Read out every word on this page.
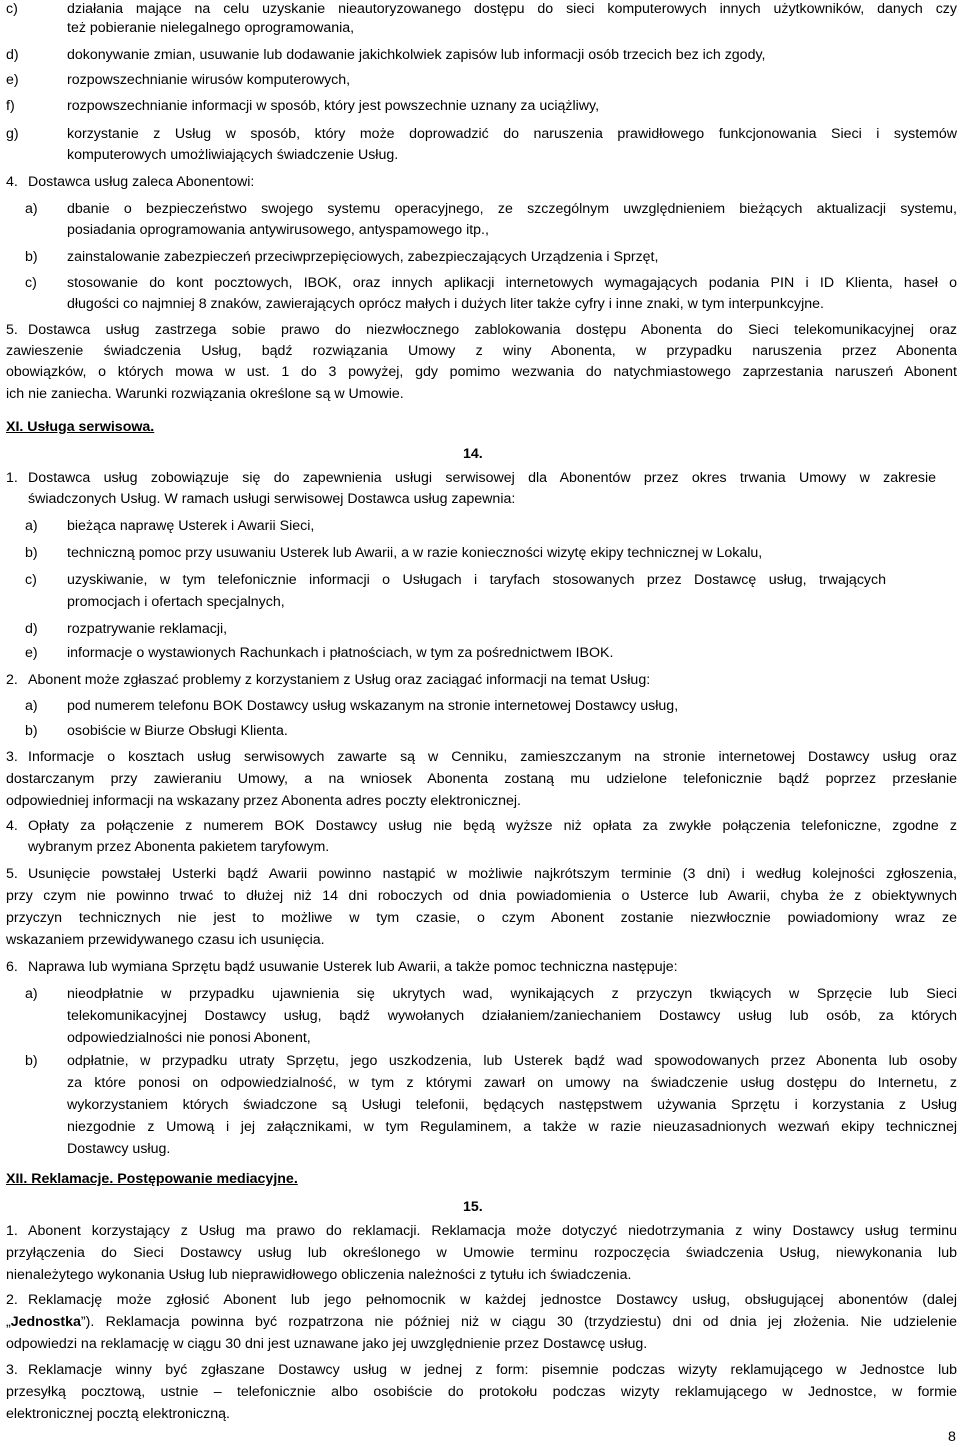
c)	działania mające na celu uzyskanie nieautoryzowanego dostępu do sieci komputerowych innych użytkowników, danych czy
też pobieranie nielegalnego oprogramowania,
d)	dokonywanie zmian, usuwanie lub dodawanie jakichkolwiek zapisów lub informacji osób trzecich bez ich zgody,
e)	rozpowszechnianie wirusów komputerowych,
f)	rozpowszechnianie informacji w sposób, który jest powszechnie uznany za uciążliwy,
g)	korzystanie z Usług w sposób, który może doprowadzić do naruszenia prawidłowego funkcjonowania Sieci i systemów
komputerowych umożliwiających świadczenie Usług.
4. Dostawca usług zaleca Abonentowi:
a) dbanie o bezpieczeństwo swojego systemu operacyjnego, ze szczególnym uwzględnieniem bieżących aktualizacji systemu,
posiadania oprogramowania antywirusowego, antyspamowego itp.,
b) zainstalowanie zabezpieczeń przeciwprzepięciowych, zabezpieczających Urządzenia i Sprzęt,
c) stosowanie do kont pocztowych, IBOK, oraz innych aplikacji internetowych wymagających podania PIN i ID Klienta, haseł o
długości co najmniej 8 znaków, zawierających oprócz małych i dużych liter także cyfry i inne znaki, w tym interpunkcyjne.
5. Dostawca usług zastrzega sobie prawo do niezwłocznego zablokowania dostępu Abonenta do Sieci telekomunikacyjnej oraz
zawieszenie świadczenia Usług, bądź rozwiązania Umowy z winy Abonenta, w przypadku naruszenia przez Abonenta
obowiązków, o których mowa w ust. 1 do 3 powyżej, gdy pomimo wezwania do natychmiastowego zaprzestania naruszeń Abonent
ich nie zaniecha. Warunki rozwiązania określone są w Umowie.
XI. Usługa serwisowa.
14.
1. Dostawca usług zobowiązuje się do zapewnienia usługi serwisowej dla Abonentów przez okres trwania Umowy w zakresie
świadczonych Usług. W ramach usługi serwisowej Dostawca usług zapewnia:
a) bieżąca naprawę Usterek i Awarii Sieci,
b) techniczną pomoc przy usuwaniu Usterek lub Awarii, a w razie konieczności wizytę ekipy technicznej w Lokalu,
c) uzyskiwanie, w tym telefonicznie informacji o Usługach i taryfach stosowanych przez Dostawcę usług, trwających
promocjach i ofertach specjalnych,
d) rozpatrywanie reklamacji,
e) informacje o wystawionych Rachunkach i płatnościach, w tym za pośrednictwem IBOK.
2. Abonent może zgłaszać problemy z korzystaniem z Usług oraz zaciągać informacji na temat Usług:
a) pod numerem telefonu BOK Dostawcy usług wskazanym na stronie internetowej Dostawcy usług,
b) osobiście w Biurze Obsługi Klienta.
3. Informacje o kosztach usług serwisowych zawarte są w Cenniku, zamieszczanym na stronie internetowej Dostawcy usług oraz
dostarczanym przy zawieraniu Umowy, a na wniosek Abonenta zostaną mu udzielone telefonicznie bądź poprzez przesłanie
odpowiedniej informacji na wskazany przez Abonenta adres poczty elektronicznej.
4. Opłaty za połączenie z numerem BOK Dostawcy usług nie będą wyższe niż opłata za zwykłe połączenia telefoniczne, zgodne z
wybranym przez Abonenta pakietem taryfowym.
5. Usunięcie powstałej Usterki bądź Awarii powinno nastąpić w możliwie najkrótszym terminie (3 dni) i według kolejności zgłoszenia,
przy czym nie powinno trwać to dłużej niż 14 dni roboczych od dnia powiadomienia o Usterce lub Awarii, chyba że z obiektywnych
przyczyn technicznych nie jest to możliwe w tym czasie, o czym Abonent zostanie niezwłocznie powiadomiony wraz ze
wskazaniem przewidywanego czasu ich usunięcia.
6. Naprawa lub wymiana Sprzętu bądź usuwanie Usterek lub Awarii, a także pomoc techniczna następuje:
a) nieodpłatnie w przypadku ujawnienia się ukrytych wad, wynikających z przyczyn tkwiących w Sprzęcie lub Sieci
telekomunikacyjnej Dostawcy usług, bądź wywołanych działaniem/zaniechaniem Dostawcy usług lub osób, za których
odpowiedzialności nie ponosi Abonent,
b) odpłatnie, w przypadku utraty Sprzętu, jego uszkodzenia, lub Usterek bądź wad spowodowanych przez Abonenta lub osoby
za które ponosi on odpowiedzialność, w tym z którymi zawarł on umowy na świadczenie usług dostępu do Internetu, z
wykorzystaniem których świadczone są Usługi telefonii, będących następstwem używania Sprzętu i korzystania z Usług
niezgodnie z Umową i jej załącznikami, w tym Regulaminem, a także w razie nieuzasadnionych wezwań ekipy technicznej
Dostawcy usług.
XII. Reklamacje. Postępowanie mediacyjne.
15.
1. Abonent korzystający z Usług ma prawo do reklamacji. Reklamacja może dotyczyć niedotrzymania z winy Dostawcy usług terminu
przyłączenia do Sieci Dostawcy usług lub określonego w Umowie terminu rozpoczęcia świadczenia Usług, niewykonania lub
nienależytego wykonania Usług lub nieprawidłowego obliczenia należności z tytułu ich świadczenia.
2. Reklamację może zgłosić Abonent lub jego pełnomocnik w każdej jednostce Dostawcy usług, obsługującej abonentów (dalej
„Jednostka”). Reklamacja powinna być rozpatrzona nie później niż w ciągu 30 (trzydziestu) dni od dnia jej złożenia. Nie udzielenie
odpowiedzi na reklamację w ciągu 30 dni jest uznawane jako jej uwzględnienie przez Dostawcę usług.
3. Reklamacje winny być zgłaszane Dostawcy usług w jednej z form: pisemnie podczas wizyty reklamującego w Jednostce lub
przesyłką pocztową, ustnie – telefonicznie albo osobiście do protokołu podczas wizyty reklamującego w Jednostce, w formie
elektronicznej pocztą elektroniczną.
8
